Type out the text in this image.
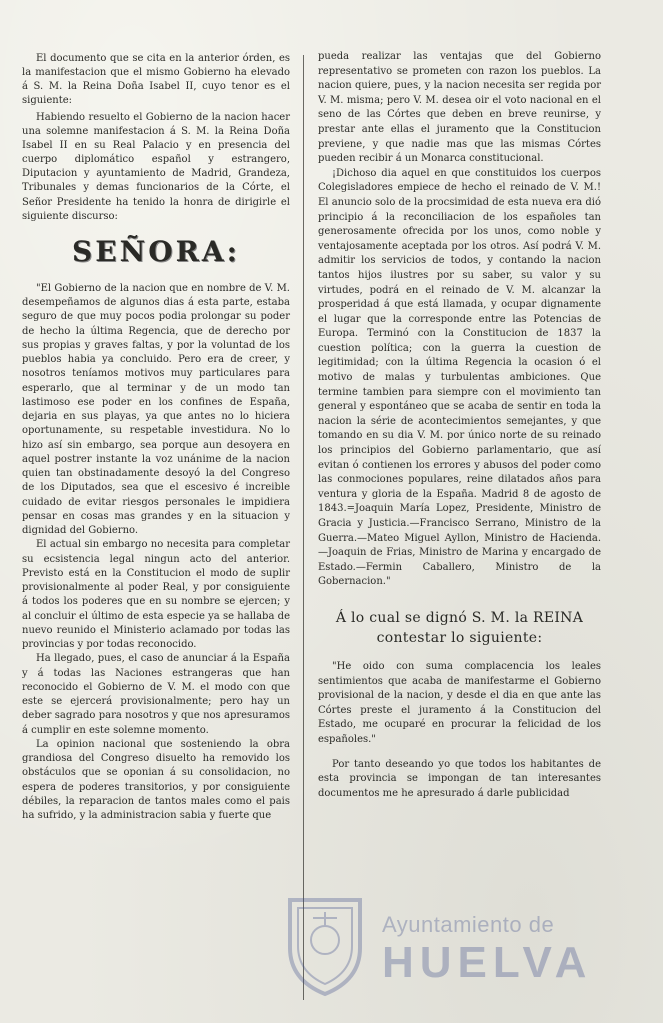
El documento que se cita en la anterior órden, es la manifestacion que el mismo Gobierno ha elevado á S. M. la Reina Doña Isabel II, cuyo tenor es el siguiente:

Habiendo resuelto el Gobierno de la nacion hacer una solemne manifestacion á S. M. la Reina Doña Isabel II en su Real Palacio y en presencia del cuerpo diplomático español y estrangero, Diputacion y ayuntamiento de Madrid, Grandeza, Tribunales y demas funcionarios de la Córte, el Señor Presidente ha tenido la honra de dirigirle el siguiente discurso:

SEÑORA:

"El Gobierno de la nacion que en nombre de V. M. desempeñamos de algunos dias á esta parte, estaba seguro de que muy pocos podia prolongar su poder de hecho la última Regencia, que de derecho por sus propias y graves faltas, y por la voluntad de los pueblos habia ya concluido. Pero era de creer, y nosotros teníamos motivos muy particulares para esperarlo, que al terminar y de un modo tan lastimoso ese poder en los confines de España, dejaria en sus playas, ya que antes no lo hiciera oportunamente, su respetable investidura. No lo hizo así sin embargo, sea porque aun desoyera en aquel postrer instante la voz unánime de la nacion quien tan obstinadamente desoyó la del Congreso de los Diputados, sea que el escesivo é increible cuidado de evitar riesgos personales le impidiera pensar en cosas mas grandes y en la situacion y dignidad del Gobierno.

El actual sin embargo no necesita para completar su ecsistencia legal ningun acto del anterior. Previsto está en la Constitucion el modo de suplir provisionalmente al poder Real, y por consiguiente á todos los poderes que en su nombre se ejercen; y al concluir el último de esta especie ya se hallaba de nuevo reunido el Ministerio aclamado por todas las provincias y por todas reconocido.

Ha llegado, pues, el caso de anunciar á la España y á todas las Naciones estrangeras que han reconocido el Gobierno de V. M. el modo con que este se ejercerá provisionalmente; pero hay un deber sagrado para nosotros y que nos apresuramos á cumplir en este solemne momento.

La opinion nacional que sosteniendo la obra grandiosa del Congreso disuelto ha removido los obstáculos que se oponian á su consolidacion, no espera de poderes transitorios, y por consiguiente débiles, la reparacion de tantos males como el pais ha sufrido, y la administracion sabia y fuerte que

pueda realizar las ventajas que del Gobierno representativo se prometen con razon los pueblos. La nacion quiere, pues, y la nacion necesita ser regida por V. M. misma; pero V. M. desea oir el voto nacional en el seno de las Córtes que deben en breve reunirse, y prestar ante ellas el juramento que la Constitucion previene, y que nadie mas que las mismas Córtes pueden recibir á un Monarca constitucional.

¡Dichoso dia aquel en que constituidos los cuerpos Colegisladores empiece de hecho el reinado de V. M.! El anuncio solo de la procsimidad de esta nueva era dió principio á la reconciliacion de los españoles tan generosamente ofrecida por los unos, como noble y ventajosamente aceptada por los otros. Así podrá V. M. admitir los servicios de todos, y contando la nacion tantos hijos ilustres por su saber, su valor y su virtudes, podrá en el reinado de V. M. alcanzar la prosperidad á que está llamada, y ocupar dignamente el lugar que la corresponde entre las Potencias de Europa. Terminó con la Constitucion de 1837 la cuestion política; con la guerra la cuestion de legitimidad; con la última Regencia la ocasion ó el motivo de malas y turbulentas ambiciones. Que termine tambien para siempre con el movimiento tan general y espontáneo que se acaba de sentir en toda la nacion la série de acontecimientos semejantes, y que tomando en su dia V. M. por único norte de su reinado los principios del Gobierno parlamentario, que así evitan ó contienen los errores y abusos del poder como las conmociones populares, reine dilatados años para ventura y gloria de la España. Madrid 8 de agosto de 1843.=Joaquin María Lopez, Presidente, Ministro de Gracia y Justicia.—Francisco Serrano, Ministro de la Guerra.—Mateo Miguel Ayllon, Ministro de Hacienda.—Joaquin de Frias, Ministro de Marina y encargado de Estado.—Fermin Caballero, Ministro de la Gobernacion."

Á lo cual se dignó S. M. la REINA
contestar lo siguiente:

"He oido con suma complacencia los leales sentimientos que acaba de manifestarme el Gobierno provisional de la nacion, y desde el dia en que ante las Córtes preste el juramento á la Constitucion del Estado, me ocuparé en procurar la felicidad de los españoles."

Por tanto deseando yo que todos los habitantes de esta provincia se impongan de tan interesantes documentos me he apresurado á darle publicidad

Ayuntamiento de
HUELVA
